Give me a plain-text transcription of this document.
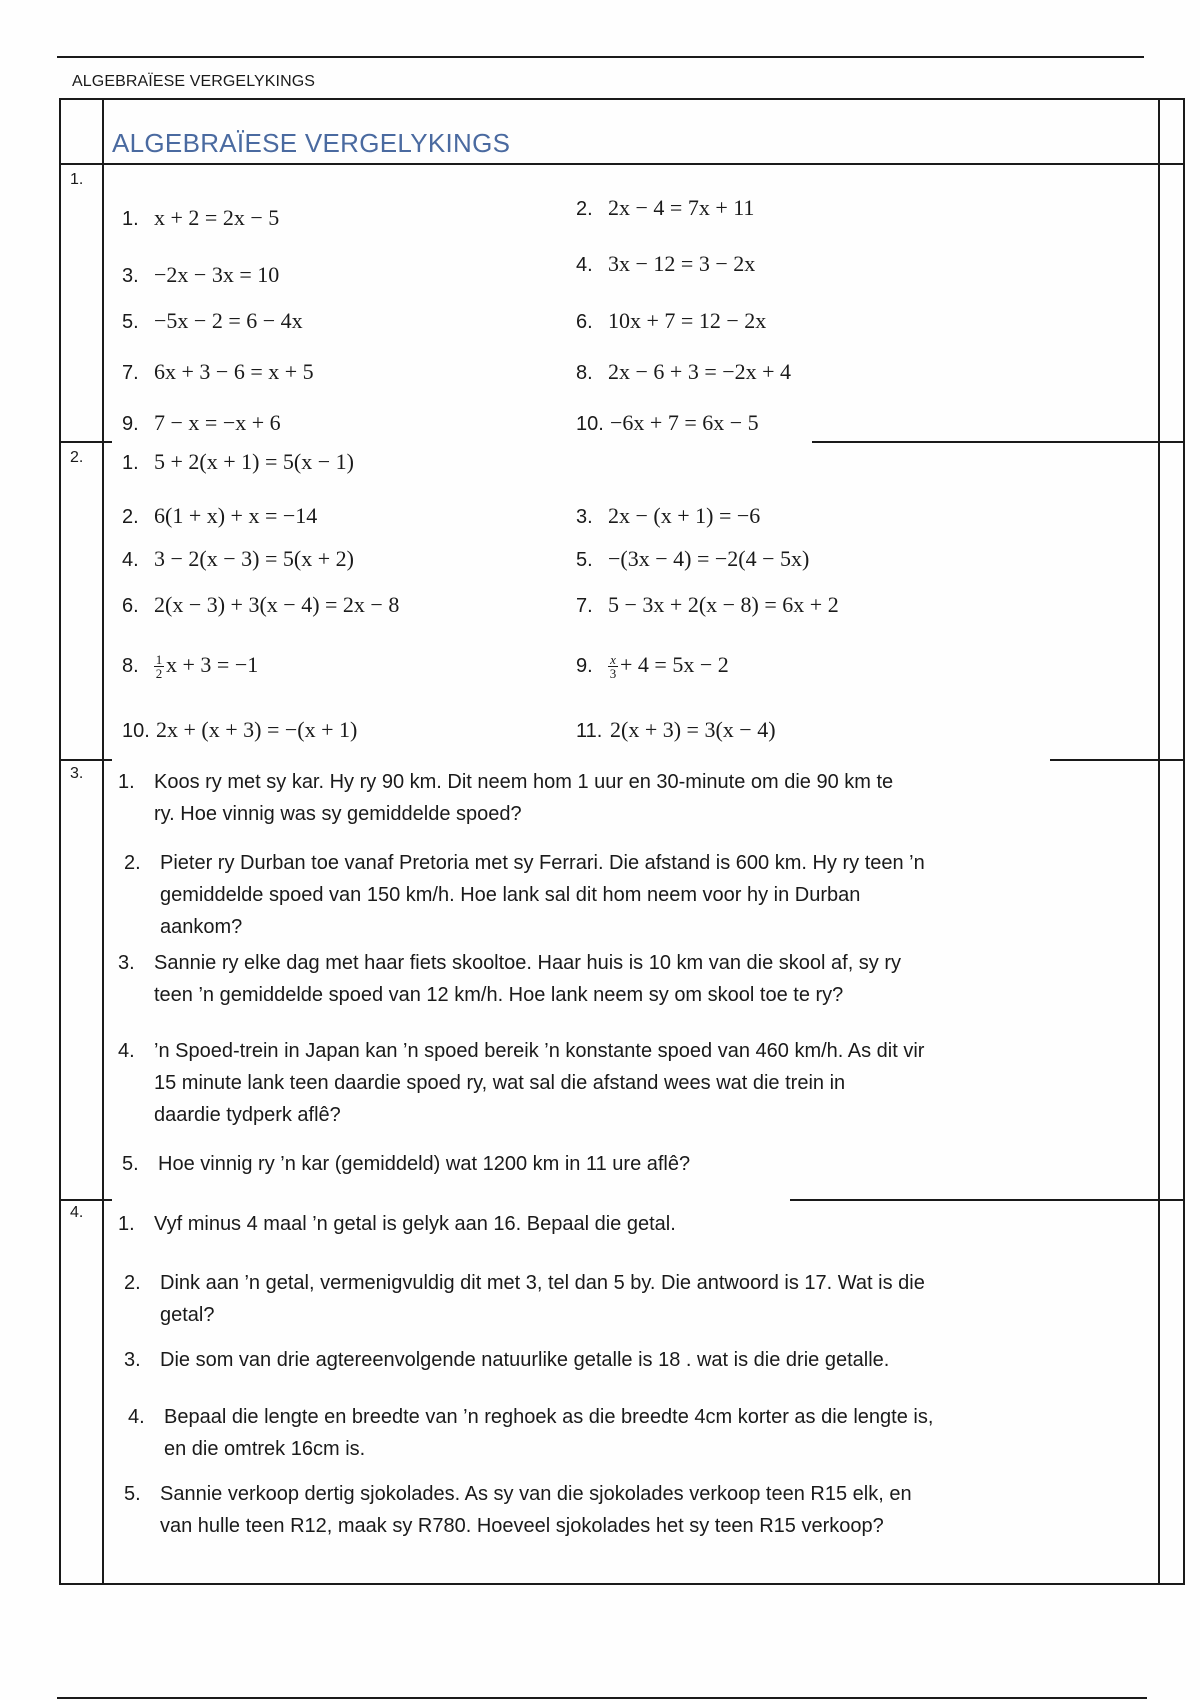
ALGEBRAÏESE VERGELYKINGS
ALGEBRAÏESE VERGELYKINGS
1.
2.
3.
4.
1. x + 2 = 2x − 5	2. 2x − 4 = 7x + 11
3. −2x − 3x = 10	4. 3x − 12 = 3 − 2x
5. −5x − 2 = 6 − 4x	6. 10x + 7 = 12 − 2x
7. 6x + 3 − 6 = x + 5	8. 2x − 6 + 3 = −2x + 4
9. 7 − x = −x + 6	10. −6x + 7 = 6x − 5
1. 5 + 2(x + 1) = 5(x − 1)
2. 6(1 + x) + x = −14	3. 2x − (x + 1) = −6
4. 3 − 2(x − 3) = 5(x + 2)	5. −(3x − 4) = −2(4 − 5x)
6. 2(x − 3) + 3(x − 4) = 2x − 8	7. 5 − 3x + 2(x − 8) = 6x + 2
8. $\frac{1}{2}$ x + 3 = −1	9. $\frac{x}{3} + 4 = 5x - 2$
10. 2x + (x + 3) = −(x + 1)	11. 2(x + 3) = 3(x − 4)
1. Koos ry met sy kar. Hy ry 90 km. Dit neem hom 1 uur en 30-minute om die 90 km te
ry. Hoe vinnig was sy gemiddelde spoed?
2. Pieter ry Durban toe vanaf Pretoria met sy Ferrari. Die afstand is 600 km. Hy ry teen ’n
gemiddelde spoed van 150 km/h. Hoe lank sal dit hom neem voor hy in Durban
aankom?
3. Sannie ry elke dag met haar fiets skooltoe. Haar huis is 10 km van die skool af, sy ry
teen ’n gemiddelde spoed van 12 km/h. Hoe lank neem sy om skool toe te ry?
4. ’n Spoed-trein in Japan kan ’n spoed bereik ’n konstante spoed van 460 km/h. As dit vir
15 minute lank teen daardie spoed ry, wat sal die afstand wees wat die trein in
daardie tydperk aflê?
5. Hoe vinnig ry ’n kar (gemiddeld) wat 1200 km in 11 ure aflê?
1. Vyf minus 4 maal ’n getal is gelyk aan 16. Bepaal die getal.
2. Dink aan ’n getal, vermenigvuldig dit met 3, tel dan 5 by. Die antwoord is 17. Wat is die
getal?
3. Die som van drie agtereenvolgende natuurlike getalle is 18 . wat is die drie getalle.
4. Bepaal die lengte en breedte van ’n reghoek as die breedte 4cm korter as die lengte is,
en die omtrek 16cm is.
5. Sannie verkoop dertig sjokolades. As sy van die sjokolades verkoop teen R15 elk, en
van hulle teen R12, maak sy R780. Hoeveel sjokolades het sy teen R15 verkoop?
